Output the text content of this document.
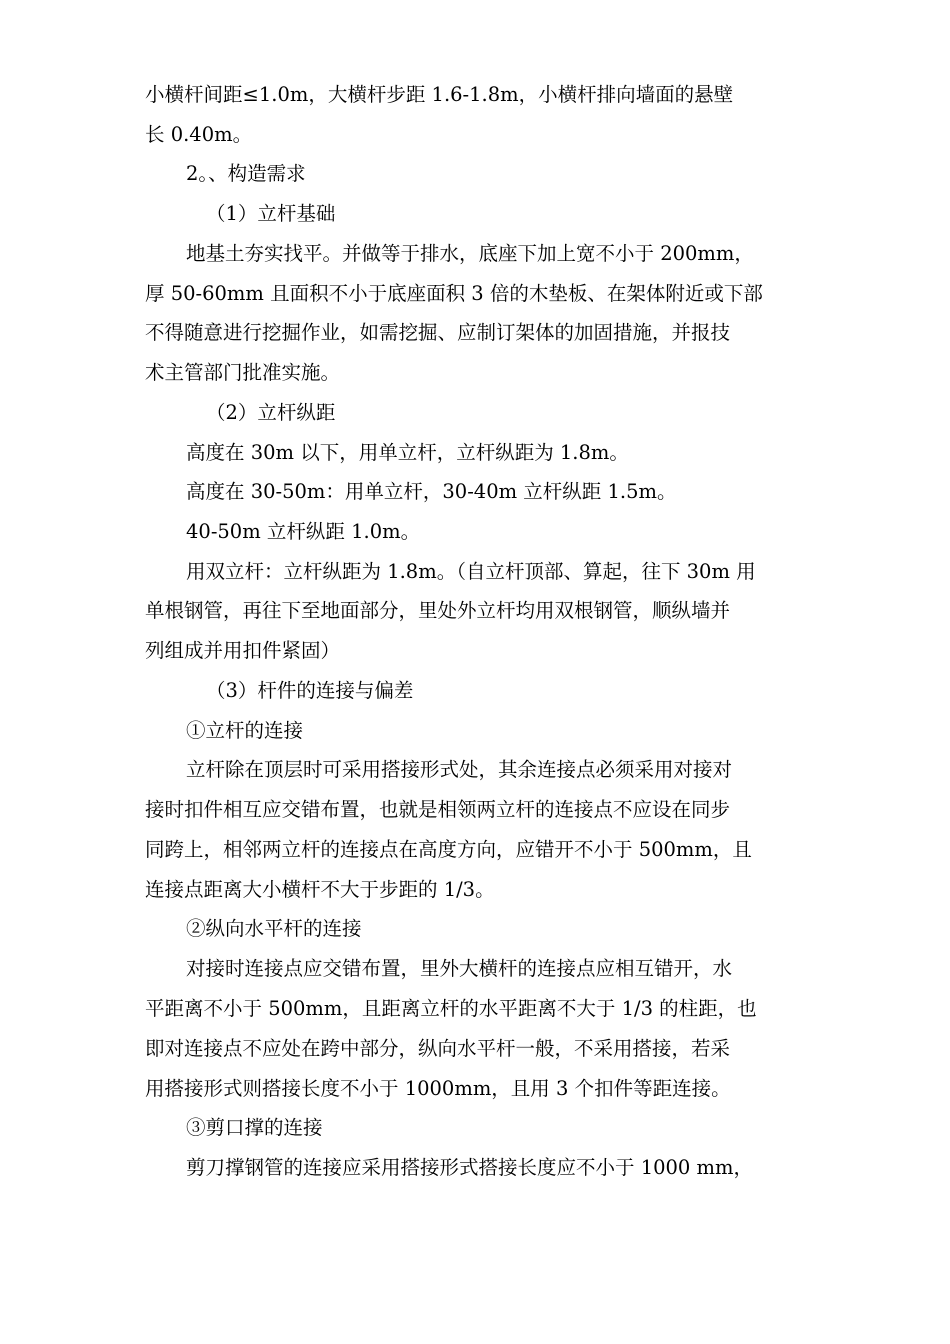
小横杆间距≤1.0m，大横杆步距 1.6-1.8m，小横杆排向墙面的悬壁
长 0.40m。
2。、构造需求
（1）立杆基础
地基土夯实找平。并做等于排水，底座下加上宽不小于 200mm，
厚 50-60mm 且面积不小于底座面积 3 倍的木垫板、在架体附近或下部
不得随意进行挖掘作业，如需挖掘、应制订架体的加固措施，并报技
术主管部门批准实施。
（2）立杆纵距
高度在 30m 以下，用单立杆，立杆纵距为 1.8m。
高度在 30-50m：用单立杆，30-40m 立杆纵距 1.5m。
40-50m 立杆纵距 1.0m。
用双立杆：立杆纵距为 1.8m。（自立杆顶部、算起，往下 30m 用
单根钢管，再往下至地面部分，里处外立杆均用双根钢管，顺纵墙并
列组成并用扣件紧固）
（3）杆件的连接与偏差
①立杆的连接
立杆除在顶层时可采用搭接形式处，其余连接点必须采用对接对
接时扣件相互应交错布置，也就是相领两立杆的连接点不应设在同步
同跨上，相邻两立杆的连接点在高度方向，应错开不小于 500mm，且
连接点距离大小横杆不大于步距的 1/3。
②纵向水平杆的连接
对接时连接点应交错布置，里外大横杆的连接点应相互错开，水
平距离不小于 500mm，且距离立杆的水平距离不大于 1/3 的柱距，也
即对连接点不应处在跨中部分，纵向水平杆一般，不采用搭接，若采
用搭接形式则搭接长度不小于 1000mm，且用 3 个扣件等距连接。
③剪口撑的连接
剪刀撑钢管的连接应采用搭接形式搭接长度应不小于 1000 mm，
